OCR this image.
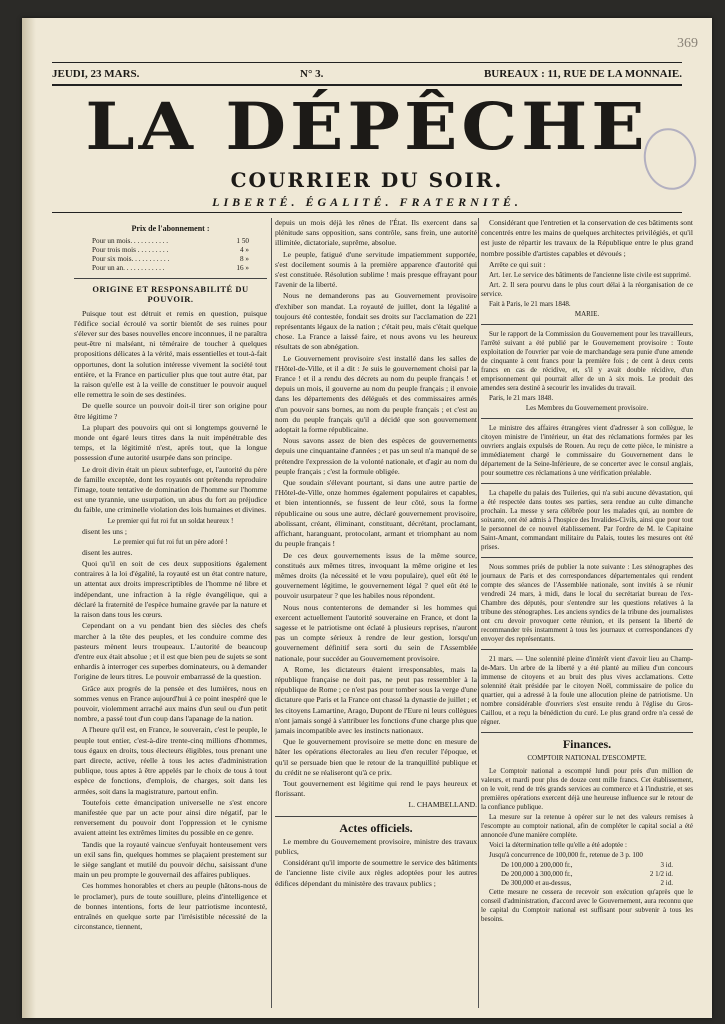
369
JEUDI, 23 MARS.	N° 3.	BUREAUX : 11, RUE DE LA MONNAIE.
LA DÉPÊCHE
COURRIER DU SOIR.
LIBERTÉ. ÉGALITÉ. FRATERNITÉ.
Prix de l'abonnement :
Pour un mois. . . . . . . . . . .	1 50
Pour trois mois . . . . . . . . .	4 »
Pour six mois. . . . . . . . . . .	8 »
Pour un an. . . . . . . . . . . .	16 »
ORIGINE ET RESPONSABILITÉ DU POUVOIR.

Puisque tout est détruit et remis en question, puisque l'édifice social écroulé va sortir bientôt de ses ruines pour s'élever sur des bases nouvelles encore inconnues, il ne paraîtra peut-être ni malséant, ni téméraire de toucher à quelques propositions délicates à la vérité, mais essentielles et tout-à-fait opportunes, dont la solution intéresse vivement la société tout entière, et la France en particulier plus que tout autre état, par la raison qu'elle est à la veille de constituer le pouvoir auquel elle remettra le soin de ses destinées.

De quelle source un pouvoir doit-il tirer son origine pour être légitime ?

La plupart des pouvoirs qui ont si longtemps gouverné le monde ont égaré leurs titres dans la nuit impénétrable des temps, et la légitimité n'est, après tout, que la longue possession d'une autorité usurpée dans son principe.

Le droit divin était un pieux subterfuge, et, l'autorité du père de famille exceptée, dont les royautés ont prétendu reproduire l'image, toute tentative de domination de l'homme sur l'homme est une tyrannie, une usurpation, un abus du fort au préjudice du faible, une criminelle violation des lois humaines et divines.

Le premier qui fut roi fut un soldat heureux !

disent les uns ;

Le premier qui fut roi fut un père adoré !

disent les autres.

Quoi qu'il en soit de ces deux suppositions également contraires à la loi d'égalité, la royauté est un état contre nature, un attentat aux droits imprescriptibles de l'homme né libre et indépendant, une infraction à la règle évangélique, qui a déclaré la fraternité de l'espèce humaine gravée par la nature et la raison dans tous les cœurs.

Cependant on a vu pendant bien des siècles des chefs marcher à la tête des peuples, et les conduire comme des pasteurs mènent leurs troupeaux. L'autorité de beaucoup d'entre eux était absolue ; et il est que bien peu de sujets se sont enhardis à interroger ces superbes dominateurs, ou à demander l'origine de leurs titres. Le pouvoir embarrassé de la question.

Grâce aux progrès de la pensée et des lumières, nous en sommes venus en France aujourd'hui à ce point inespéré que le pouvoir, violemment arraché aux mains d'un seul ou d'un petit nombre, a passé tout d'un coup dans l'apanage de la nation.

A l'heure qu'il est, en France, le souverain, c'est le peuple, le peuple tout entier, c'est-à-dire trente-cinq millions d'hommes, tous égaux en droits, tous électeurs éligibles, tous prenant une part directe, active, réelle à tous les actes d'administration publique, tous aptes à être appelés par le choix de tous à tout espèce de fonctions, d'emplois, de charges, soit dans les armées, soit dans la magistrature, partout enfin.

Toutefois cette émancipation universelle ne s'est encore manifestée que par un acte pour ainsi dire négatif, par le renversement du pouvoir dont l'oppression et le cynisme avaient atteint les extrêmes limites du possible en ce genre.

Tandis que la royauté vaincue s'enfuyait honteusement vers un exil sans fin, quelques hommes se plaçaient prestement sur le siège sanglant et mutilé du pouvoir déchu, saisissant d'une main un peu prompte le gouvernail des affaires publiques.

Ces hommes honorables et chers au peuple (hâtons-nous de le proclamer), purs de toute souillure, pleins d'intelligence et de bonnes intentions, forts de leur patriotisme incontesté, entraînés en quelque sorte par l'irrésistible nécessité de la circonstance, tiennent,

depuis un mois déjà les rênes de l'État. Ils exercent dans sa plénitude sans opposition, sans contrôle, sans frein, une autorité illimitée, dictatoriale, suprême, absolue.

Le peuple, fatigué d'une servitude impatiemment supportée, s'est docilement soumis à la première apparence d'autorité qui s'est constituée. Résolution sublime ! mais presque effrayant pour l'avenir de la liberté.

Nous ne demanderons pas au Gouvernement provisoire d'exhiber son mandat. La royauté de juillet, dont la légalité a toujours été contestée, fondait ses droits sur l'acclamation de 221 représentants légaux de la nation ; c'était peu, mais c'était quelque chose. La France a laissé faire, et nous avons vu les heureux résultats de son abnégation.

Le Gouvernement provisoire s'est installé dans les salles de l'Hôtel-de-Ville, et il a dit : Je suis le gouvernement choisi par la France ! et il a rendu des décrets au nom du peuple français ! et depuis un mois, il gouverne au nom du peuple français ; il envoie dans les départements des délégués et des commissaires armés d'un pouvoir sans bornes, au nom du peuple français ; et c'est au nom du peuple français qu'il a décidé que son gouvernement adoptait la forme républicaine.

Nous savons assez de bien des espèces de gouvernements depuis une cinquantaine d'années ; et pas un seul n'a manqué de se prétendre l'expression de la volonté nationale, et d'agir au nom du peuple français ; c'est la formule obligée.

Que soudain s'élevant pourtant, si dans une autre partie de l'Hôtel-de-Ville, onze hommes également populaires et capables, et bien intentionnés, se fussent de leur côté, sous la forme républicaine ou sous une autre, déclaré gouvernement provisoire, abolissant, créant, éliminant, constituant, décrétant, proclamant, affichant, haranguant, protocolant, armant et triomphant au nom du peuple français !

De ces deux gouvernements issus de la même source, constitués aux mêmes titres, invoquant la même origine et les mêmes droits (la nécessité et le vœu populaire), quel eût été le gouvernement légitime, le gouvernement légal ? quel eût été le pouvoir usurpateur ? que les habiles nous répondent.

Nous nous contenterons de demander si les hommes qui exercent actuellement l'autorité souveraine en France, et dont la sagesse et le patriotisme ont éclaté à plusieurs reprises, n'auront pas un compte sérieux à rendre de leur gestion, lorsqu'un gouvernement définitif sera sorti du sein de l'Assemblée nationale, pour succéder au Gouvernement provisoire.

A Rome, les dictateurs étaient irresponsables, mais la république française ne doit pas, ne peut pas ressembler à la république de Rome ; ce n'est pas pour tomber sous la verge d'une dictature que Paris et la France ont chassé la dynastie de juillet ; et les citoyens Lamartine, Arago, Dupont de l'Eure ni leurs collègues n'ont jamais songé à s'attribuer les fonctions d'une charge plus que jamais incompatible avec les instincts nationaux.

Que le gouvernement provisoire se mette donc en mesure de hâter les opérations électorales au lieu d'en reculer l'époque, et qu'il se persuade bien que le retour de la tranquillité publique et du crédit ne se réaliseront qu'à ce prix.

Tout gouvernement est légitime qui rend le pays heureux et florissant.

L. CHAMBELLAND.

Actes officiels.

Le membre du Gouvernement provisoire, ministre des travaux publics,

Considérant qu'il importe de soumettre le service des bâtiments de l'ancienne liste civile aux règles adoptées pour les autres édifices dépendant du ministère des travaux publics ;

Considérant que l'entretien et la conservation de ces bâtiments sont concentrés entre les mains de quelques architectes privilégiés, et qu'il est juste de répartir les travaux de la République entre le plus grand nombre possible d'artistes capables et dévoués ;

Arrête ce qui suit :

Art. 1er. Le service des bâtiments de l'ancienne liste civile est supprimé.

Art. 2. Il sera pourvu dans le plus court délai à la réorganisation de ce service.

Fait à Paris, le 21 mars 1848.

MARIE.

Sur le rapport de la Commission du Gouvernement pour les travailleurs, l'arrêté suivant a été publié par le Gouvernement provisoire : Toute exploitation de l'ouvrier par voie de marchandage sera punie d'une amende de cinquante à cent francs pour la première fois ; de cent à deux cents francs en cas de récidive, et, s'il y avait double récidive, d'un emprisonnement qui pourrait aller de un à six mois. Le produit des amendes sera destiné à secourir les invalides du travail.

Paris, le 21 mars 1848.

Les Membres du Gouvernement provisoire.

Le ministre des affaires étrangères vient d'adresser à son collègue, le citoyen ministre de l'intérieur, un état des réclamations formées par les ouvriers anglais expulsés de Rouen. Au reçu de cette pièce, le ministre a immédiatement chargé le commissaire du Gouvernement dans le département de la Seine-Inférieure, de se concerter avec le consul anglais, pour soumettre ces réclamations à une vérification préalable.

La chapelle du palais des Tuileries, qui n'a subi aucune dévastation, qui a été respectée dans toutes ses parties, sera rendue au culte dimanche prochain. La messe y sera célébrée pour les malades qui, au nombre de soixante, ont été admis à l'hospice des Invalides-Civils, ainsi que pour tout le personnel de ce nouvel établissement. Par l'ordre de M. le Capitaine Saint-Amant, commandant militaire du Palais, toutes les mesures ont été prises.

Nous sommes priés de publier la note suivante : Les sténographes des journaux de Paris et des correspondances départementales qui rendent compte des séances de l'Assemblée nationale, sont invités à se réunir vendredi 24 mars, à midi, dans le local du secrétariat bureau de l'ex-Chambre des députés, pour s'entendre sur les questions relatives à la tribune des sténographes. Les anciens syndics de la tribune des journalistes ont cru devoir provoquer cette réunion, et ils pensent la liberté de recommander très instamment à tous les journaux et correspondances d'y envoyer des représentants.

21 mars. — Une solennité pleine d'intérêt vient d'avoir lieu au Champ-de-Mars. Un arbre de la liberté y a été planté au milieu d'un concours immense de citoyens et au bruit des plus vives acclamations. Cette solennité était présidée par le citoyen Noël, commissaire de police du quartier, qui a adressé à la foule une allocution pleine de patriotisme. Un nombre considérable d'ouvriers s'est ensuite rendu à l'église du Gros-Caillou, et a reçu la bénédiction du curé. Le plus grand ordre n'a cessé de régner.

Finances.
COMPTOIR NATIONAL D'ESCOMPTE.

Le Comptoir national a escompté lundi pour près d'un million de valeurs, et mardi pour plus de douze cent mille francs. Cet établissement, on le voit, rend de très grands services au commerce et à l'industrie, et ses premières opérations exercent déjà une heureuse influence sur le retour de la confiance publique.

La mesure sur la retenue à opérer sur le net des valeurs remises à l'escompte au comptoir national, afin de compléter le capital social a été annoncée d'une manière complète.

Voici la détermination telle qu'elle a été adoptée :

Jusqu'à concurrence de 100,000 fr., retenue de 3 p. 100

De 100,000 à 200,000 fr.,	3 id.
De 200,000 à 300,000 fr.,	2 1/2 id.
De 300,000 et au-dessus,	2 id.

Cette mesure ne cessera de recevoir son exécution qu'après que le conseil d'administration, d'accord avec le Gouvernement, aura reconnu que le capital du Comptoir national est suffisant pour subvenir à tous les besoins.
